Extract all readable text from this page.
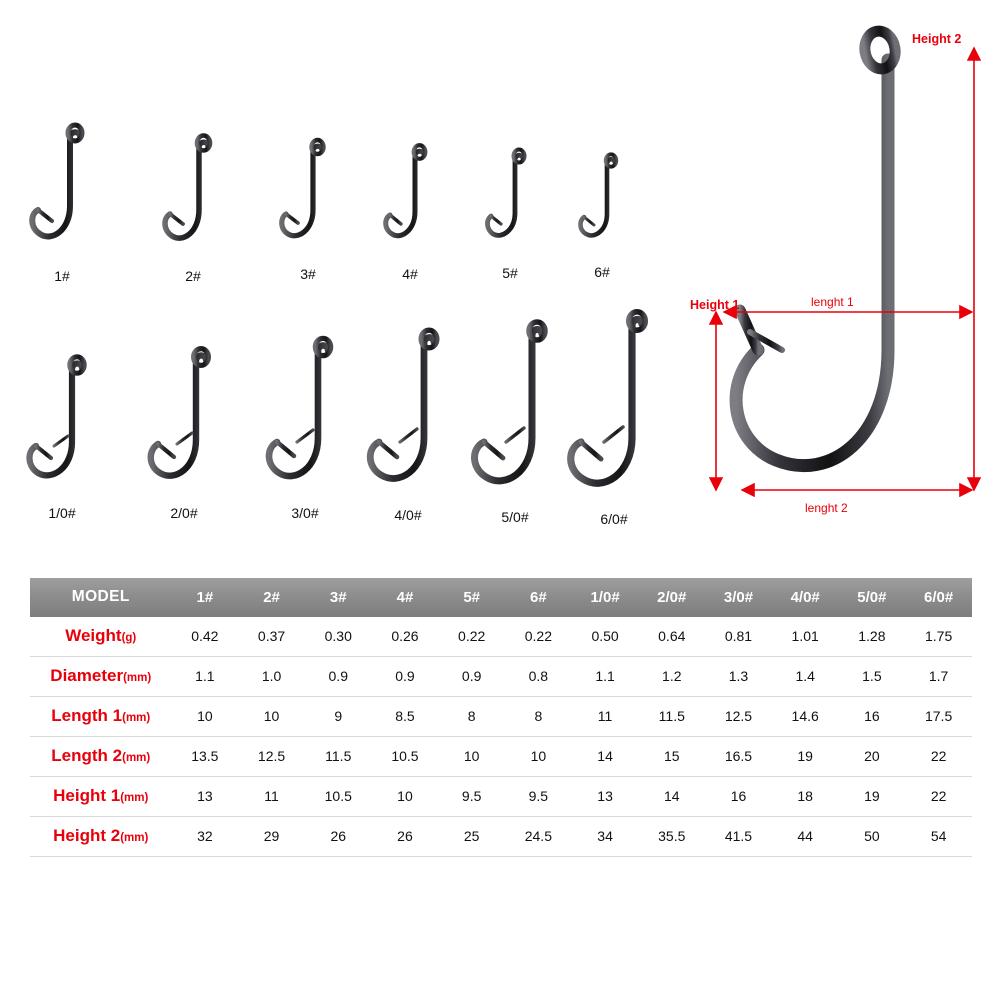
1#	2#	3#	4#	5#	6#
1/0#	2/0#	3/0#	4/0#	5/0#	6/0#
Height 2
Height 1	lenght 1
lenght 2
MODEL	1#	2#	3#	4#	5#	6#	1/0#	2/0#	3/0#	4/0#	5/0#	6/0#
Weight(g)	0.42	0.37	0.30	0.26	0.22	0.22	0.50	0.64	0.81	1.01	1.28	1.75
Diameter(mm)	1.1	1.0	0.9	0.9	0.9	0.8	1.1	1.2	1.3	1.4	1.5	1.7
Length 1(mm)	10	10	9	8.5	8	8	11	11.5	12.5	14.6	16	17.5
Length 2(mm)	13.5	12.5	11.5	10.5	10	10	14	15	16.5	19	20	22
Height 1(mm)	13	11	10.5	10	9.5	9.5	13	14	16	18	19	22
Height 2(mm)	32	29	26	26	25	24.5	34	35.5	41.5	44	50	54
